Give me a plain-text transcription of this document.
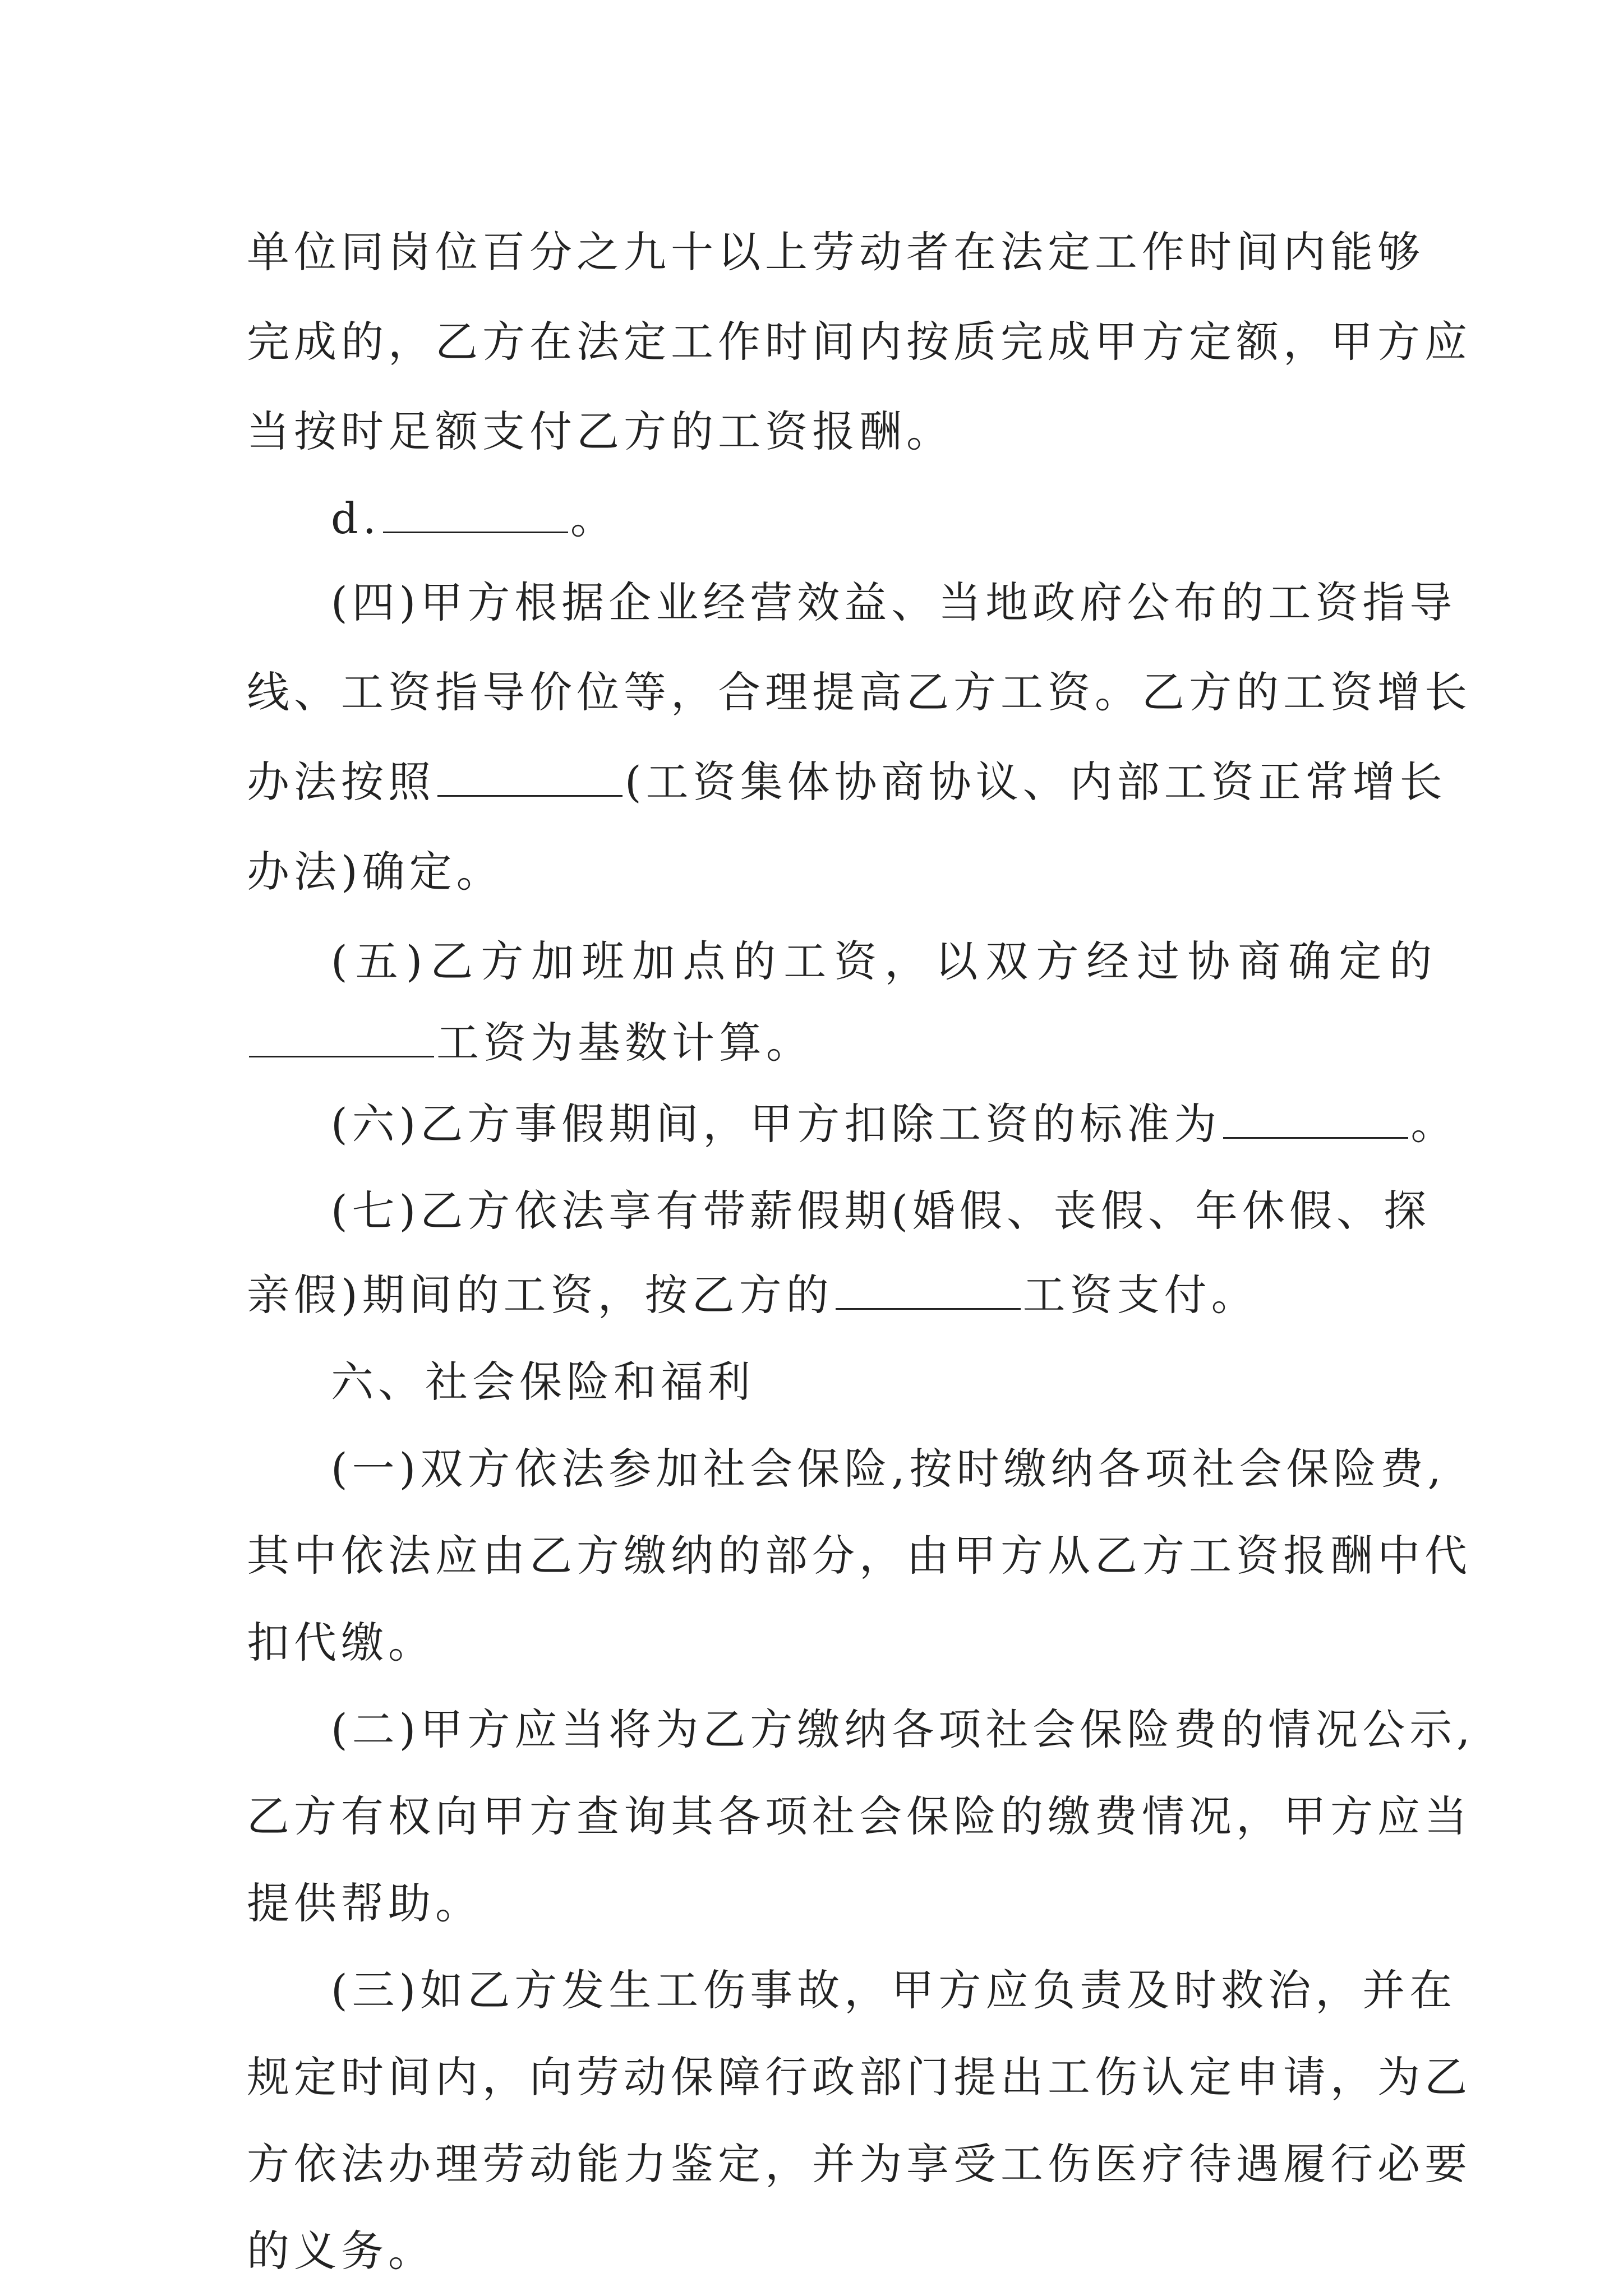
单位同岗位百分之九十以上劳动者在法定工作时间内能够
完成的，乙方在法定工作时间内按质完成甲方定额，甲方应
当按时足额支付乙方的工资报酬。
d.	。
(四)甲方根据企业经营效益、当地政府公布的工资指导
线、工资指导价位等，合理提高乙方工资。乙方的工资增长
办法按照	(工资集体协商协议、内部工资正常增长
办法)确定。
(五)乙方加班加点的工资，以双方经过协商确定的
工资为基数计算。
(六)乙方事假期间，甲方扣除工资的标准为	。
(七)乙方依法享有带薪假期(婚假、丧假、年休假、探
亲假)期间的工资，按乙方的	工资支付。
六、社会保险和福利
(一)双方依法参加社会保险,按时缴纳各项社会保险费,
其中依法应由乙方缴纳的部分，由甲方从乙方工资报酬中代
扣代缴。
(二)甲方应当将为乙方缴纳各项社会保险费的情况公示,
乙方有权向甲方查询其各项社会保险的缴费情况，甲方应当
提供帮助。
(三)如乙方发生工伤事故，甲方应负责及时救治，并在
规定时间内，向劳动保障行政部门提出工伤认定申请，为乙
方依法办理劳动能力鉴定，并为享受工伤医疗待遇履行必要
的义务。
